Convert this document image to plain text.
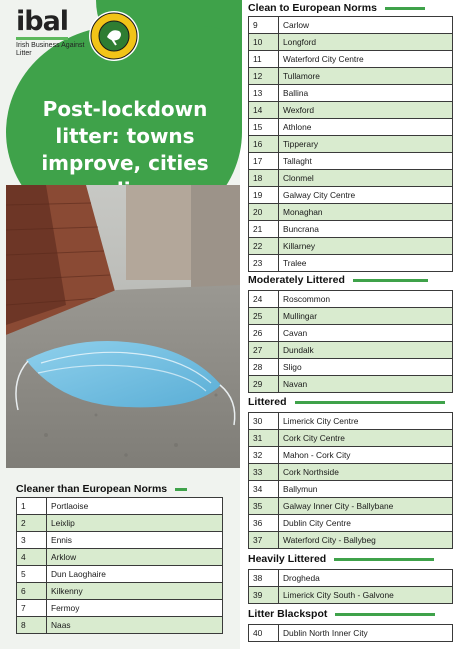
ibal
Irish Business Against Litter
Post-lockdown litter: towns improve, cities
Clean to European Norms
9	Carlow
10	Longford
11	Waterford City Centre
12	Tullamore
13	Ballina
14	Wexford
15	Athlone
16	Tipperary
17	Tallaght
18	Clonmel
19	Galway City Centre
20	Monaghan
21	Buncrana
22	Killarney
23	Tralee
Moderately Littered
24	Roscommon
25	Mullingar
26	Cavan
27	Dundalk
28	Sligo
29	Navan
Littered
30	Limerick City Centre
31	Cork City Centre
32	Mahon - Cork City
33	Cork Northside
34	Ballymun
35	Galway Inner City - Ballybane
36	Dublin City Centre
37	Waterford City - Ballybeg
Heavily Littered
38	Drogheda
39	Limerick City South - Galvone
Litter Blackspot
40	Dublin North Inner City
Cleaner than European Norms
1	Portlaoise
2	Leixlip
3	Ennis
4	Arklow
5	Dun Laoghaire
6	Kilkenny
7	Fermoy
8	Naas
